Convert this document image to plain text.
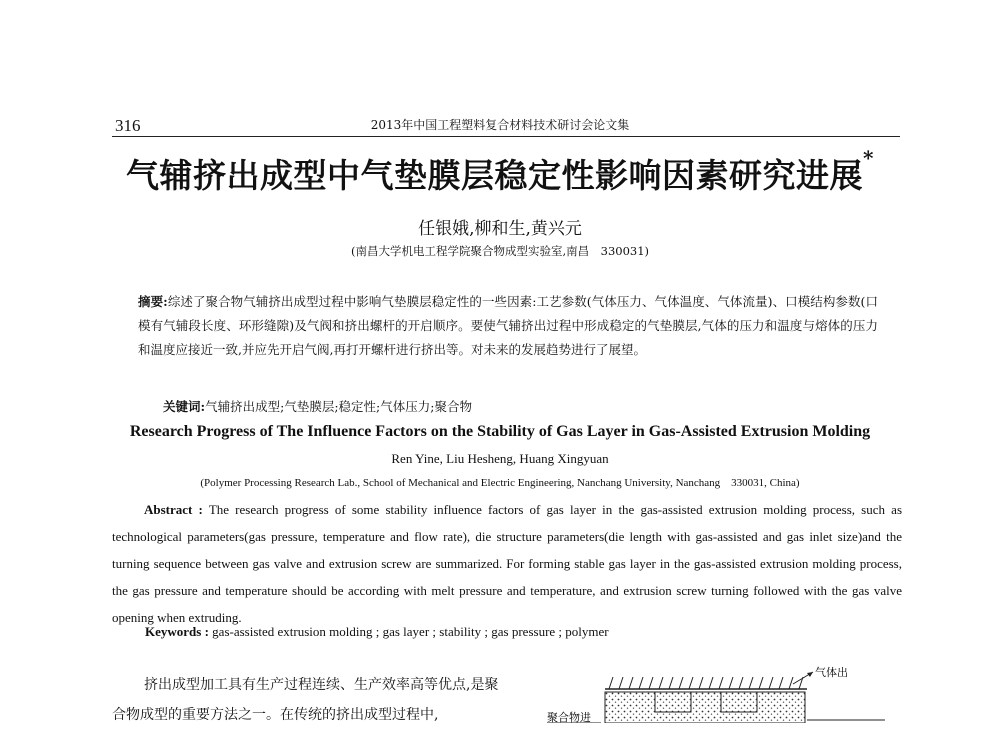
316	2013年中国工程塑料复合材料技术研讨会论文集
气辅挤出成型中气垫膜层稳定性影响因素研究进展*
任银娥,柳和生,黄兴元
(南昌大学机电工程学院聚合物成型实验室,南昌　330031)

摘要:综述了聚合物气辅挤出成型过程中影响气垫膜层稳定性的一些因素:工艺参数(气体压力、气体温度、气体流量)、口模结构参数(口模有气辅段长度、环形缝隙)及气阀和挤出螺杆的开启顺序。要使气辅挤出过程中形成稳定的气垫膜层,气体的压力和温度与熔体的压力和温度应接近一致,并应先开启气阀,再打开螺杆进行挤出等。对未来的发展趋势进行了展望。

关键词:气辅挤出成型;气垫膜层;稳定性;气体压力;聚合物
Research Progress of The Influence Factors on the Stability of Gas Layer in Gas-Assisted Extrusion Molding
Ren Yine, Liu Hesheng, Huang Xingyuan
(Polymer Processing Research Lab., School of Mechanical and Electric Engineering, Nanchang University, Nanchang　330031, China)

Abstract : The research progress of some stability influence factors of gas layer in the gas-assisted extrusion molding process, such as technological parameters(gas pressure, temperature and flow rate), die structure parameters(die length with gas-assisted and gas inlet size)and the turning sequence between gas valve and extrusion screw are summarized. For forming stable gas layer in the gas-assisted extrusion molding process, the gas pressure and temperature should be according with melt pressure and temperature, and extrusion screw turning followed with the gas valve opening when extruding.

Keywords : gas-assisted extrusion molding ; gas layer ; stability ; gas pressure ; polymer

挤出成型加工具有生产过程连续、生产效率高等优点,是聚合物成型的重要方法之一。在传统的挤出成型过程中,

气体出
聚合物进
